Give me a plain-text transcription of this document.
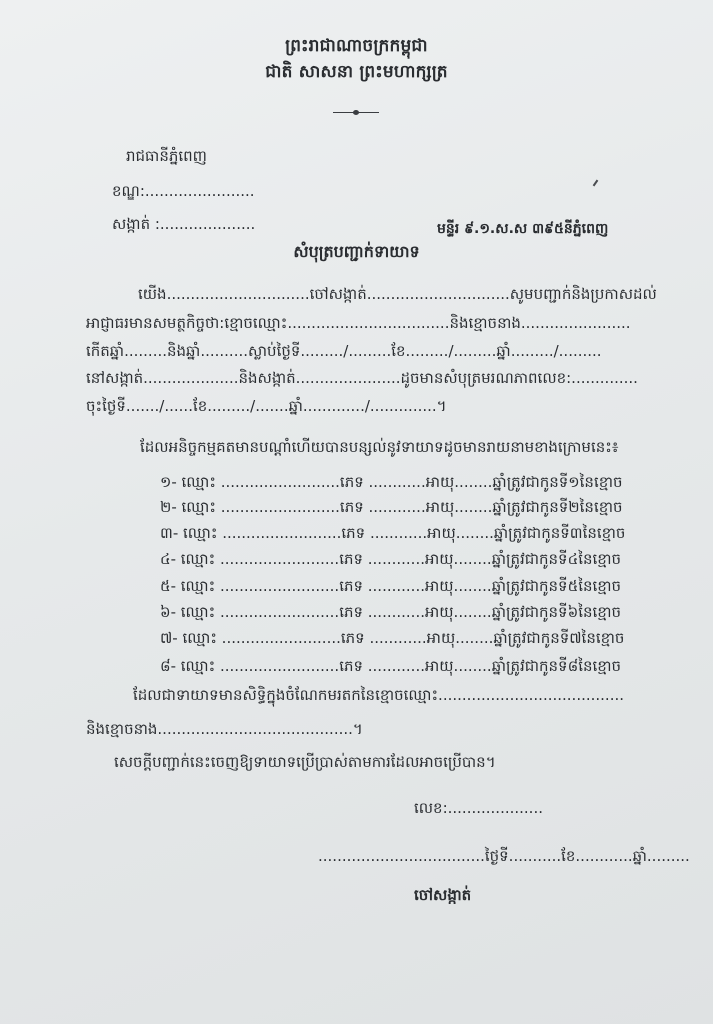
ព្រះរាជាណាចក្រកម្ពុជា
ជាតិ សាសនា ព្រះមហាក្សត្រ
រាជធានីភ្នំពេញ
ខណ្ឌ:.......................
សង្កាត់ :....................	មន្ទីរ ៩.១.ស.ស ៣៩៥នីភ្នំពេញ
សំបុត្របញ្ជាក់ទាយាទ
យើង..............................ចៅសង្កាត់..............................សូមបញ្ជាក់និងប្រកាសដល់
អាជ្ញាធរមានសមត្ថកិច្ចថា:ខ្មោចឈ្មោះ..................................និងខ្មោចនាង.......................
កើតឆ្នាំ.........និងឆ្នាំ..........ស្លាប់ថ្ងៃទី........./.........ខែ........./.........ឆ្នាំ........./.........
នៅសង្កាត់....................និងសង្កាត់......................ដូចមានសំបុត្រមរណភាពលេខ:..............
ចុះថ្ងៃទី......./......ខែ........./.......ឆ្នាំ............./..............។
ដែលអនិច្ចកម្មគតមានបណ្តាំហើយបានបន្សល់នូវទាយាទដូចមានរាយនាមខាងក្រោមនេះ៖
១- ឈ្មោះ .........................ភេទ ............អាយុ........ឆ្នាំត្រូវជាកូនទី១នៃខ្មោច
២- ឈ្មោះ .........................ភេទ ............អាយុ........ឆ្នាំត្រូវជាកូនទី២នៃខ្មោច
៣- ឈ្មោះ .........................ភេទ ............អាយុ........ឆ្នាំត្រូវជាកូនទី៣នៃខ្មោច
៤- ឈ្មោះ .........................ភេទ ............អាយុ........ឆ្នាំត្រូវជាកូនទី៤នៃខ្មោច
៥- ឈ្មោះ .........................ភេទ ............អាយុ........ឆ្នាំត្រូវជាកូនទី៥នៃខ្មោច
៦- ឈ្មោះ .........................ភេទ ............អាយុ........ឆ្នាំត្រូវជាកូនទី៦នៃខ្មោច
៧- ឈ្មោះ .........................ភេទ ............អាយុ........ឆ្នាំត្រូវជាកូនទី៧នៃខ្មោច
៨- ឈ្មោះ .........................ភេទ ............អាយុ........ឆ្នាំត្រូវជាកូនទី៨នៃខ្មោច
ដែលជាទាយាទមានសិទ្ធិក្នុងចំណែកមរតកនៃខ្មោចឈ្មោះ.......................................
និងខ្មោចនាង.........................................។
សេចក្តីបញ្ជាក់នេះចេញឱ្យទាយាទប្រើប្រាស់តាមការដែលអាចប្រើបាន។
លេខ:....................
...................................ថ្ងៃទី...........ខែ............ឆ្នាំ.........
ចៅសង្កាត់
